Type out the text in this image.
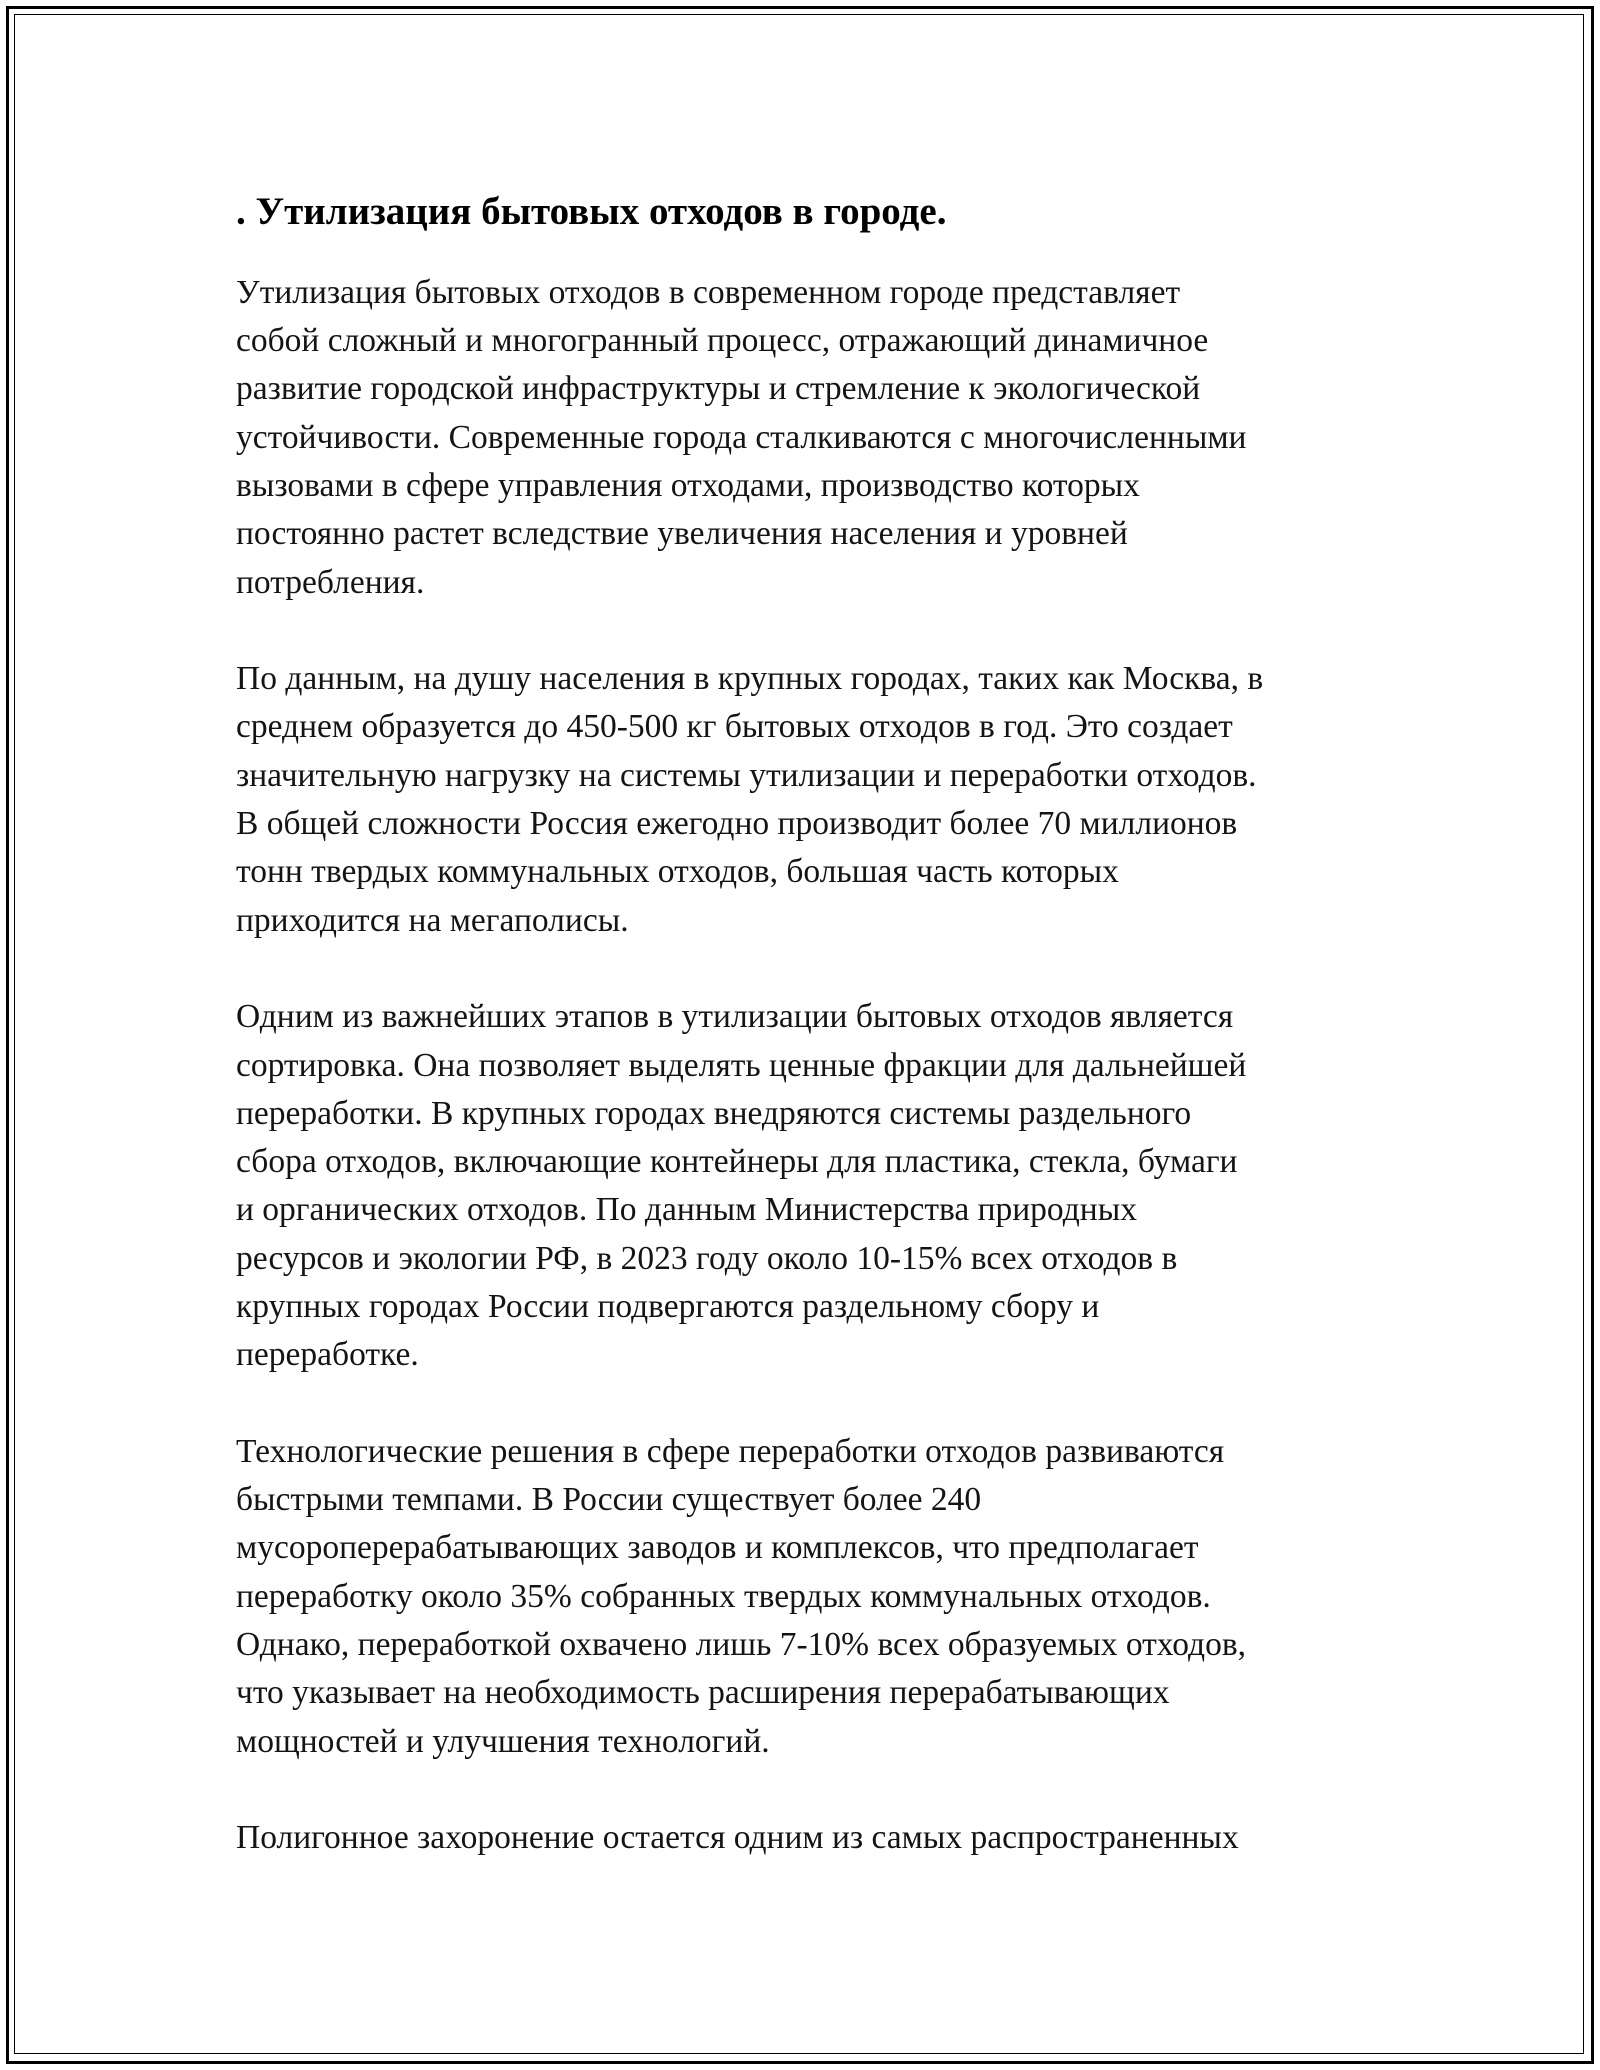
. Утилизация бытовых отходов в городе.

Утилизация бытовых отходов в современном городе представляет
собой сложный и многогранный процесс, отражающий динамичное
развитие городской инфраструктуры и стремление к экологической
устойчивости. Современные города сталкиваются с многочисленными
вызовами в сфере управления отходами, производство которых
постоянно растет вследствие увеличения населения и уровней
потребления.

По данным, на душу населения в крупных городах, таких как Москва, в
среднем образуется до 450-500 кг бытовых отходов в год. Это создает
значительную нагрузку на системы утилизации и переработки отходов.
В общей сложности Россия ежегодно производит более 70 миллионов
тонн твердых коммунальных отходов, большая часть которых
приходится на мегаполисы.

Одним из важнейших этапов в утилизации бытовых отходов является
сортировка. Она позволяет выделять ценные фракции для дальнейшей
переработки. В крупных городах внедряются системы раздельного
сбора отходов, включающие контейнеры для пластика, стекла, бумаги
и органических отходов. По данным Министерства природных
ресурсов и экологии РФ, в 2023 году около 10-15% всех отходов в
крупных городах России подвергаются раздельному сбору и
переработке.

Технологические решения в сфере переработки отходов развиваются
быстрыми темпами. В России существует более 240
мусороперерабатывающих заводов и комплексов, что предполагает
переработку около 35% собранных твердых коммунальных отходов.
Однако, переработкой охвачено лишь 7-10% всех образуемых отходов,
что указывает на необходимость расширения перерабатывающих
мощностей и улучшения технологий.

Полигонное захоронение остается одним из самых распространенных
